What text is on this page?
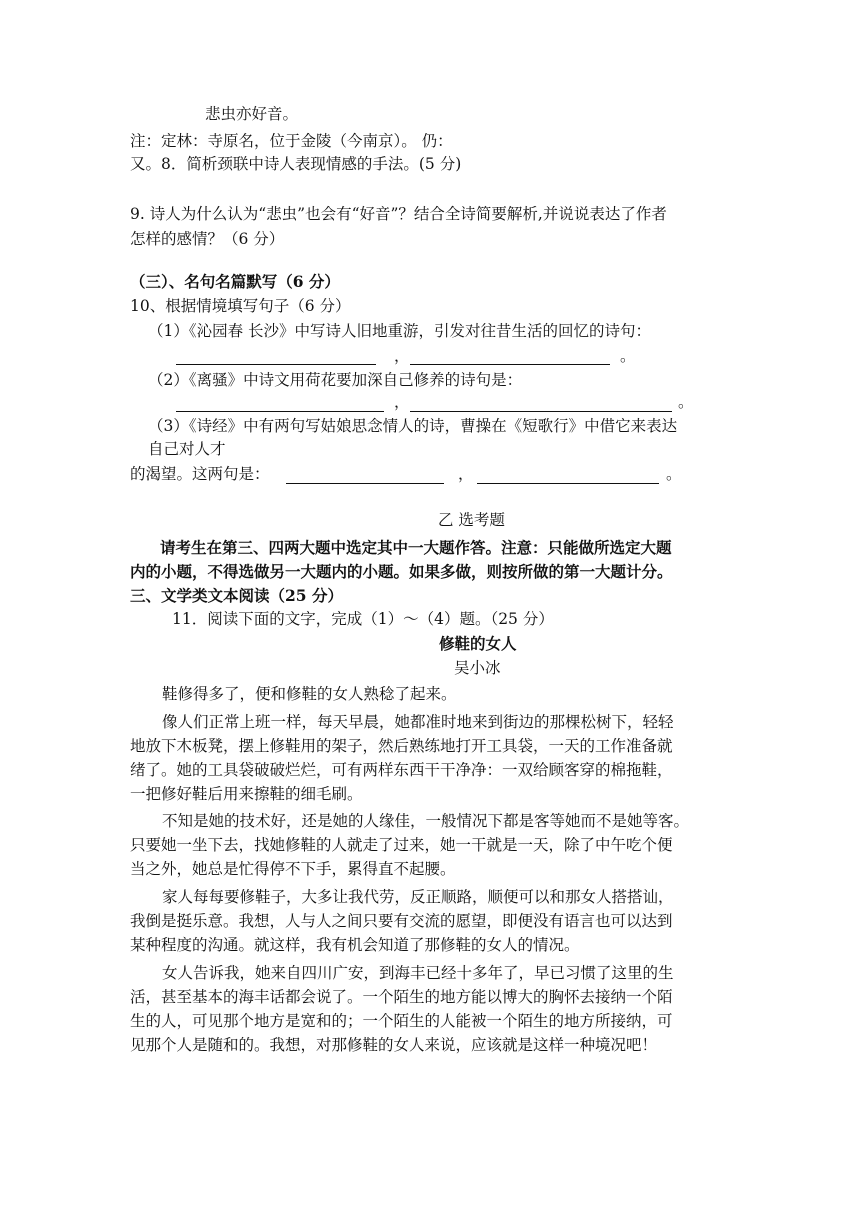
悲虫亦好音。
注：定林：寺原名，位于金陵（今南京）。 仍：
又。8．简析颈联中诗人表现情感的手法。(5 分)
9. 诗人为什么认为“悲虫”也会有“好音”？结合全诗简要解析,并说说表达了作者
怎样的感情？（6 分）
（三）、名句名篇默写（6 分）
10、根据情境填写句子（6 分）
（1）《沁园春 长沙》中写诗人旧地重游，引发对往昔生活的回忆的诗句：
，	。
（2）《离骚》中诗文用荷花要加深自己修养的诗句是：
，	。
（3）《诗经》中有两句写姑娘思念情人的诗，曹操在《短歌行》中借它来表达
自己对人才
的渴望。这两句是：	，	。
乙 选考题
请考生在第三、四两大题中选定其中一大题作答。注意：只能做所选定大题
内的小题，不得选做另一大题内的小题。如果多做，则按所做的第一大题计分。
三、文学类文本阅读（25 分）
11．阅读下面的文字，完成（1）～（4）题。（25 分）
修鞋的女人
吴小冰
鞋修得多了，便和修鞋的女人熟稔了起来。
像人们正常上班一样，每天早晨，她都准时地来到街边的那棵松树下，轻轻
地放下木板凳，摆上修鞋用的架子，然后熟练地打开工具袋，一天的工作准备就
绪了。她的工具袋破破烂烂，可有两样东西干干净净：一双给顾客穿的棉拖鞋，
一把修好鞋后用来擦鞋的细毛刷。
不知是她的技术好，还是她的人缘佳，一般情况下都是客等她而不是她等客。
只要她一坐下去，找她修鞋的人就走了过来，她一干就是一天，除了中午吃个便
当之外，她总是忙得停不下手，累得直不起腰。
家人每每要修鞋子，大多让我代劳，反正顺路，顺便可以和那女人搭搭讪，
我倒是挺乐意。我想，人与人之间只要有交流的愿望，即便没有语言也可以达到
某种程度的沟通。就这样，我有机会知道了那修鞋的女人的情况。
女人告诉我，她来自四川广安，到海丰已经十多年了，早已习惯了这里的生
活，甚至基本的海丰话都会说了。一个陌生的地方能以博大的胸怀去接纳一个陌
生的人，可见那个地方是宽和的；一个陌生的人能被一个陌生的地方所接纳，可
见那个人是随和的。我想，对那修鞋的女人来说，应该就是这样一种境况吧！
